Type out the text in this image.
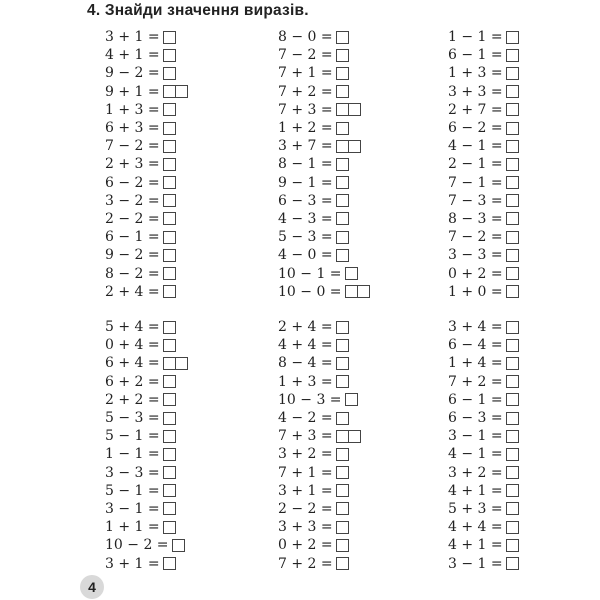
4. Знайди значення виразів.
3 + 1 =
4 + 1 =
9 − 2 =
9 + 1 =
1 + 3 =
6 + 3 =
7 − 2 =
2 + 3 =
6 − 2 =
3 − 2 =
2 − 2 =
6 − 1 =
9 − 2 =
8 − 2 =
2 + 4 =
8 − 0 =
7 − 2 =
7 + 1 =
7 + 2 =
7 + 3 =
1 + 2 =
3 + 7 =
8 − 1 =
9 − 1 =
6 − 3 =
4 − 3 =
5 − 3 =
4 − 0 =
10 − 1 =
10 − 0 =
1 − 1 =
6 − 1 =
1 + 3 =
3 + 3 =
2 + 7 =
6 − 2 =
4 − 1 =
2 − 1 =
7 − 1 =
7 − 3 =
8 − 3 =
7 − 2 =
3 − 3 =
0 + 2 =
1 + 0 =
5 + 4 =
0 + 4 =
6 + 4 =
6 + 2 =
2 + 2 =
5 − 3 =
5 − 1 =
1 − 1 =
3 − 3 =
5 − 1 =
3 − 1 =
1 + 1 =
10 − 2 =
3 + 1 =
2 + 4 =
4 + 4 =
8 − 4 =
1 + 3 =
10 − 3 =
4 − 2 =
7 + 3 =
3 + 2 =
7 + 1 =
3 + 1 =
2 − 2 =
3 + 3 =
0 + 2 =
7 + 2 =
3 + 4 =
6 − 4 =
1 + 4 =
7 + 2 =
6 − 1 =
6 − 3 =
3 − 1 =
4 − 1 =
3 + 2 =
4 + 1 =
5 + 3 =
4 + 4 =
4 + 1 =
3 − 1 =
4
